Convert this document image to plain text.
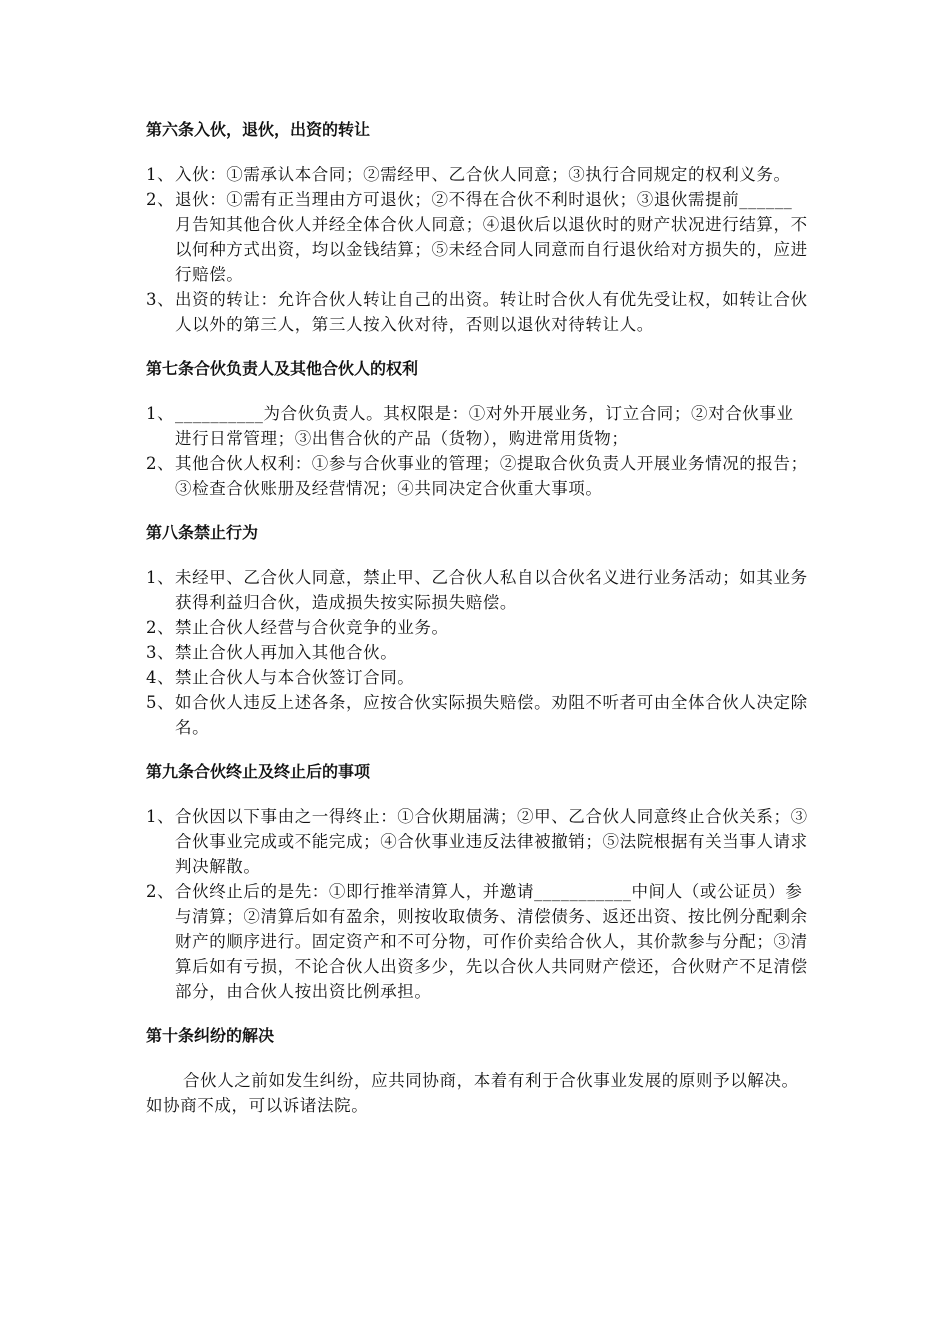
第六条入伙，退伙，出资的转让

1、 入伙：①需承认本合同；②需经甲、乙合伙人同意；③执行合同规定的权利义务。

2、 退伙：①需有正当理由方可退伙；②不得在合伙不利时退伙；③退伙需提前______月告知其他合伙人并经全体合伙人同意；④退伙后以退伙时的财产状况进行结算，不以何种方式出资，均以金钱结算；⑤未经合同人同意而自行退伙给对方损失的，应进行赔偿。

3、 出资的转让：允许合伙人转让自己的出资。转让时合伙人有优先受让权，如转让合伙人以外的第三人，第三人按入伙对待，否则以退伙对待转让人。

第七条合伙负责人及其他合伙人的权利

1、 __________为合伙负责人。其权限是：①对外开展业务，订立合同；②对合伙事业进行日常管理；③出售合伙的产品（货物），购进常用货物；

2、 其他合伙人权利：①参与合伙事业的管理；②提取合伙负责人开展业务情况的报告；③检查合伙账册及经营情况；④共同决定合伙重大事项。

第八条禁止行为

1、 未经甲、乙合伙人同意，禁止甲、乙合伙人私自以合伙名义进行业务活动；如其业务获得利益归合伙，造成损失按实际损失赔偿。

2、 禁止合伙人经营与合伙竞争的业务。

3、 禁止合伙人再加入其他合伙。

4、 禁止合伙人与本合伙签订合同。

5、 如合伙人违反上述各条，应按合伙实际损失赔偿。劝阻不听者可由全体合伙人决定除名。

第九条合伙终止及终止后的事项

1、 合伙因以下事由之一得终止：①合伙期届满；②甲、乙合伙人同意终止合伙关系；③合伙事业完成或不能完成；④合伙事业违反法律被撤销；⑤法院根据有关当事人请求判决解散。

2、 合伙终止后的是先：①即行推举清算人，并邀请___________中间人（或公证员）参与清算；②清算后如有盈余，则按收取债务、清偿债务、返还出资、按比例分配剩余财产的顺序进行。固定资产和不可分物，可作价卖给合伙人，其价款参与分配；③清算后如有亏损，不论合伙人出资多少，先以合伙人共同财产偿还，合伙财产不足清偿部分，由合伙人按出资比例承担。

第十条纠纷的解决

合伙人之前如发生纠纷，应共同协商，本着有利于合伙事业发展的原则予以解决。如协商不成，可以诉诸法院。
